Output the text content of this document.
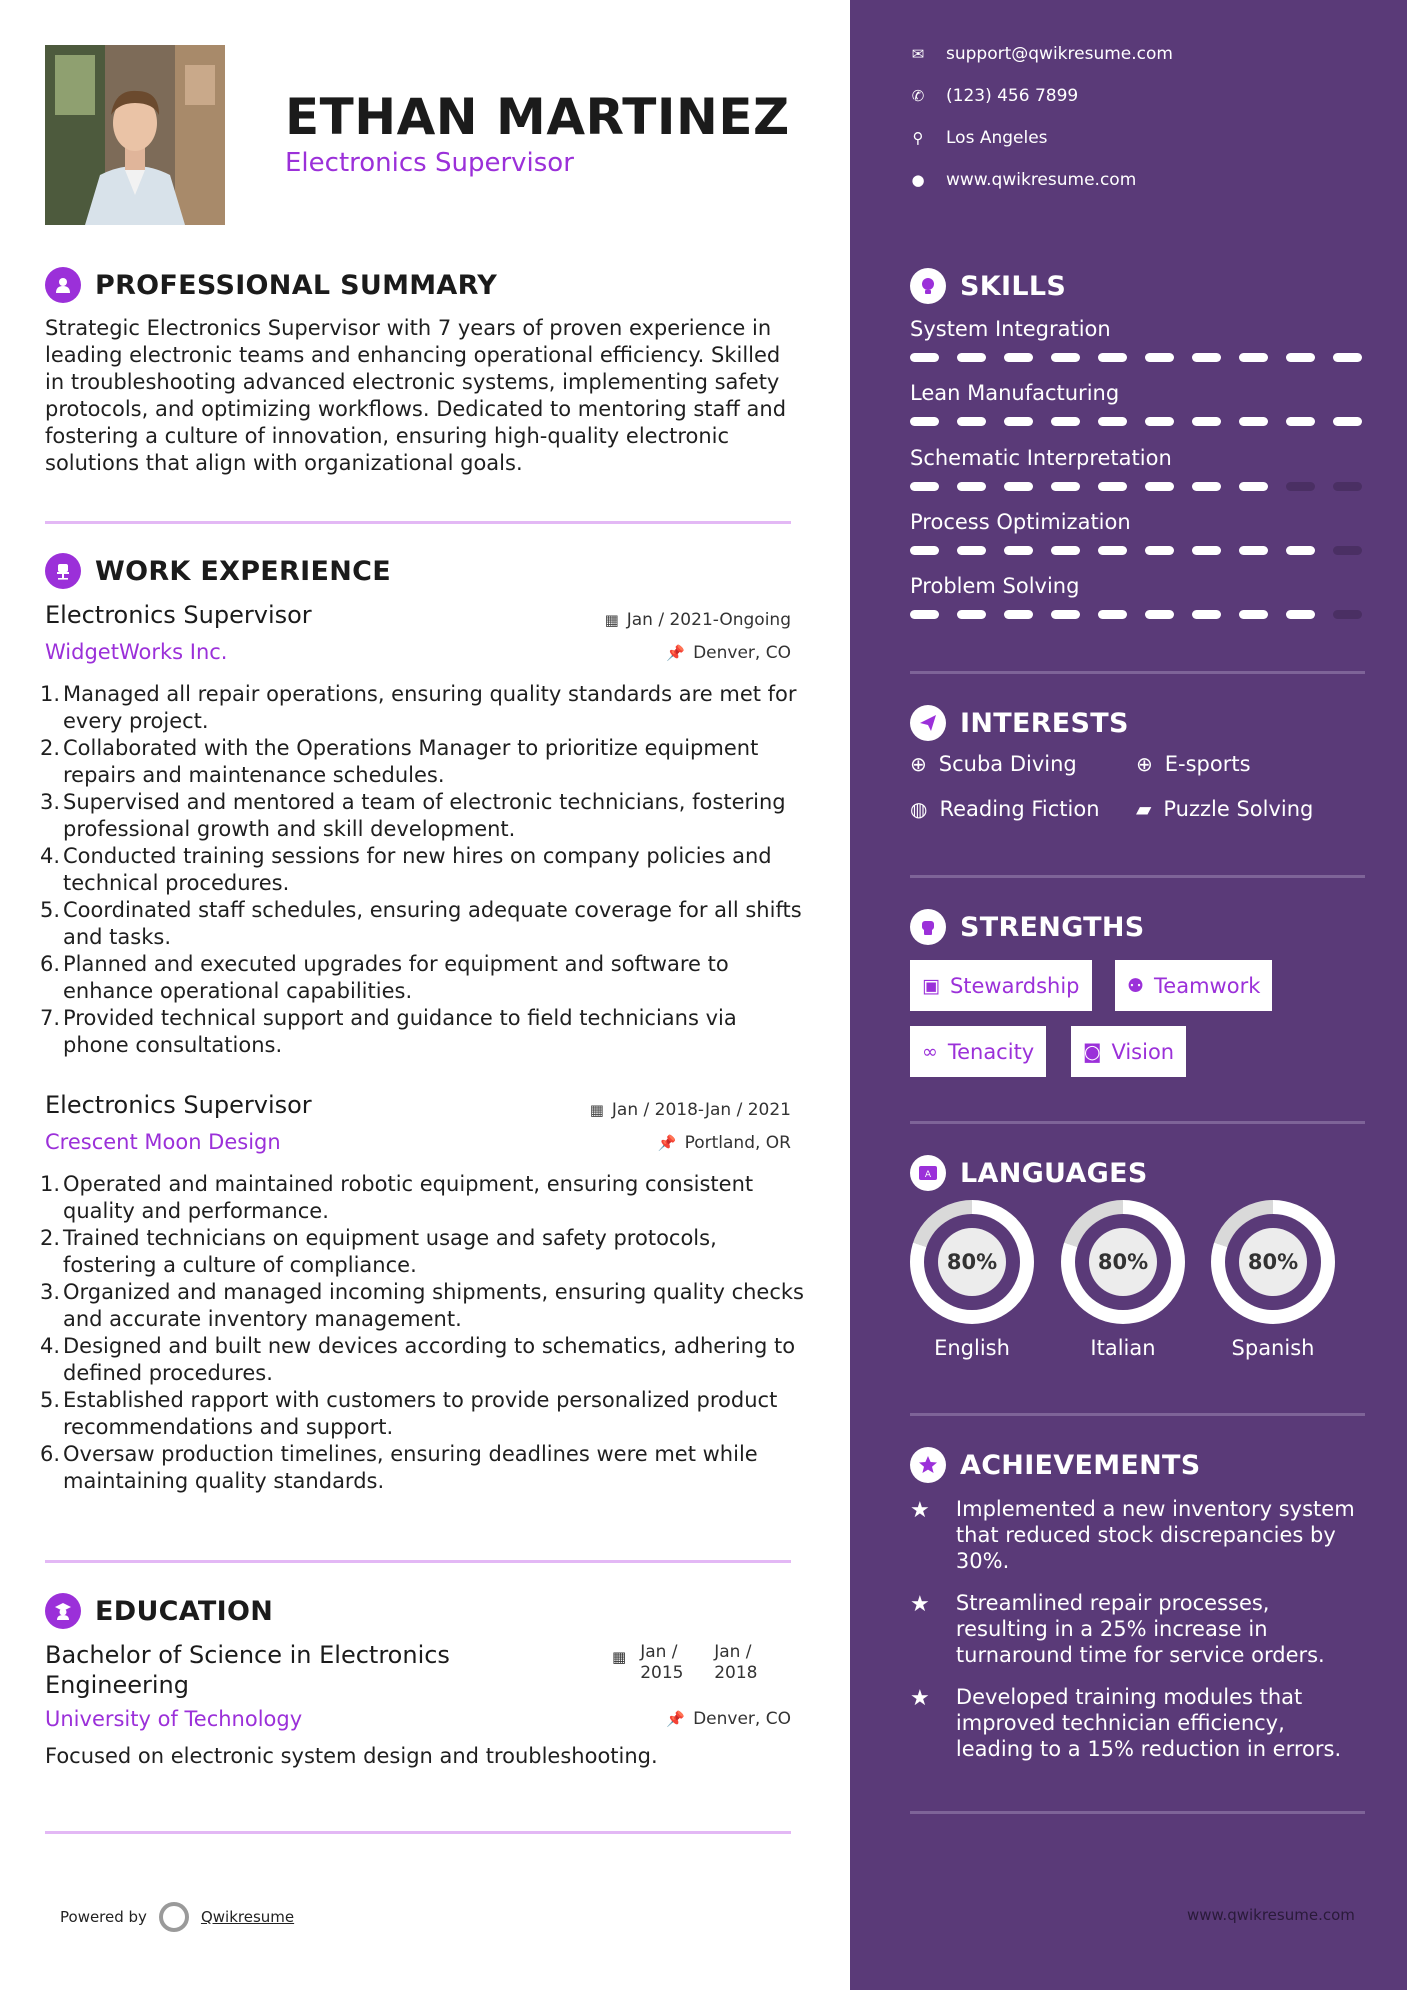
ETHAN MARTINEZ
Electronics Supervisor
PROFESSIONAL SUMMARY
Strategic Electronics Supervisor with 7 years of proven experience in leading electronic teams and enhancing operational efficiency. Skilled in troubleshooting advanced electronic systems, implementing safety protocols, and optimizing workflows. Dedicated to mentoring staff and fostering a culture of innovation, ensuring high-quality electronic solutions that align with organizational goals.
WORK EXPERIENCE
Electronics Supervisor	▦ Jan / 2021-Ongoing
WidgetWorks Inc.	📌 Denver, CO
Managed all repair operations, ensuring quality standards are met for every project.
Collaborated with the Operations Manager to prioritize equipment repairs and maintenance schedules.
Supervised and mentored a team of electronic technicians, fostering professional growth and skill development.
Conducted training sessions for new hires on company policies and technical procedures.
Coordinated staff schedules, ensuring adequate coverage for all shifts and tasks.
Planned and executed upgrades for equipment and software to enhance operational capabilities.
Provided technical support and guidance to field technicians via phone consultations.
Electronics Supervisor	▦ Jan / 2018-Jan / 2021
Crescent Moon Design	📌 Portland, OR
Operated and maintained robotic equipment, ensuring consistent quality and performance.
Trained technicians on equipment usage and safety protocols, fostering a culture of compliance.
Organized and managed incoming shipments, ensuring quality checks and accurate inventory management.
Designed and built new devices according to schematics, adhering to defined procedures.
Established rapport with customers to provide personalized product recommendations and support.
Oversaw production timelines, ensuring deadlines were met while maintaining quality standards.
EDUCATION
Bachelor of Science in Electronics Engineering
▦ Jan / 2015
Jan / 2018
University of Technology	📌 Denver, CO
Focused on electronic system design and troubleshooting.
Powered by	Qwikresume
✉ support@qwikresume.com
✆ (123) 456 7899
⚲ Los Angeles
● www.qwikresume.com
SKILLS
System Integration
Lean Manufacturing
Schematic Interpretation
Process Optimization
Problem Solving
INTERESTS
⊕ Scuba Diving	⊕ E-sports
◍ Reading Fiction ▰ Puzzle Solving
STRENGTHS
▣ Stewardship	⚉ Teamwork
∞ Tenacity	◙ Vision
A LANGUAGES
80%
English
80%
Italian
80%
Spanish
ACHIEVEMENTS
★	Implemented a new inventory system that reduced stock discrepancies by 30%.
★	Streamlined repair processes, resulting in a 25% increase in turnaround time for service orders.
★	Developed training modules that improved technician efficiency, leading to a 15% reduction in errors.
www.qwikresume.com
